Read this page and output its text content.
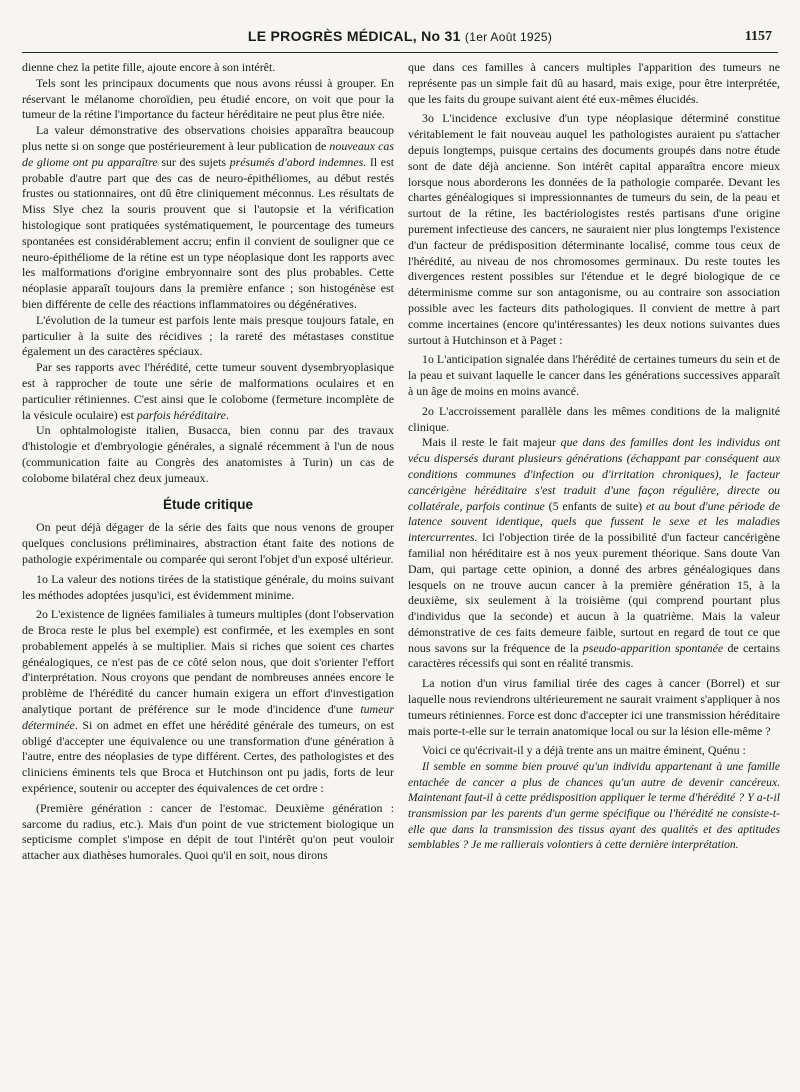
LE PROGRÈS MÉDICAL, No 31 (1er Août 1925)	1157

dienne chez la petite fille, ajoute encore à son intérêt.

Tels sont les principaux documents que nous avons réussi à grouper. En réservant le mélanome choroïdien, peu étudié encore, on voit que pour la tumeur de la rétine l'importance du facteur héréditaire ne peut plus être niée.

La valeur démonstrative des observations choisies apparaîtra beaucoup plus nette si on songe que postérieurement à leur publication de nouveaux cas de gliome ont pu apparaître sur des sujets présumés d'abord indemnes. Il est probable d'autre part que des cas de neuro-épithéliomes, au début restés frustes ou stationnaires, ont dû être cliniquement méconnus. Les résultats de Miss Slye chez la souris prouvent que si l'autopsie et la vérification histologique sont pratiquées systématiquement, le pourcentage des tumeurs spontanées est considérablement accru; enfin il convient de souligner que ce neuro-épithéliome de la rétine est un type néoplasique dont les rapports avec les malformations d'origine embryonnaire sont des plus probables. Cette néoplasie apparaît toujours dans la première enfance ; son histogénèse est bien différente de celle des réactions inflammatoires ou dégénératives.

L'évolution de la tumeur est parfois lente mais presque toujours fatale, en particulier à la suite des récidives ; la rareté des métastases constitue également un des caractères spéciaux.

Par ses rapports avec l'hérédité, cette tumeur souvent dysembryoplasique est à rapprocher de toute une série de malformations oculaires et en particulier rétiniennes. C'est ainsi que le colobome (fermeture incomplète de la vésicule oculaire) est parfois héréditaire.

Un ophtalmologiste italien, Busacca, bien connu par des travaux d'histologie et d'embryologie générales, a signalé récemment à l'un de nous (communication faite au Congrès des anatomistes à Turin) un cas de colobome bilatéral chez deux jumeaux.

Étude critique

On peut déjà dégager de la série des faits que nous venons de grouper quelques conclusions préliminaires, abstraction étant faite des notions de pathologie expérimentale ou comparée qui seront l'objet d'un exposé ultérieur.

1o La valeur des notions tirées de la statistique générale, du moins suivant les méthodes adoptées jusqu'ici, est évidemment minime.

2o L'existence de lignées familiales à tumeurs multiples (dont l'observation de Broca reste le plus bel exemple) est confirmée, et les exemples en sont probablement appelés à se multiplier. Mais si riches que soient ces chartes généalogiques, ce n'est pas de ce côté selon nous, que doit s'orienter l'effort d'interprétation. Nous croyons que pendant de nombreuses années encore le problème de l'hérédité du cancer humain exigera un effort d'investigation analytique portant de préférence sur le mode d'incidence d'une tumeur déterminée. Si on admet en effet une hérédité générale des tumeurs, on est obligé d'accepter une équivalence ou une transformation d'une génération à l'autre, entre des néoplasies de type différent. Certes, des pathologistes et des cliniciens éminents tels que Broca et Hutchinson ont pu jadis, forts de leur expérience, soutenir ou accepter des équivalences de cet ordre :

(Première génération : cancer de l'estomac. Deuxième génération : sarcome du radius, etc.). Mais d'un point de vue strictement biologique un septicisme complet s'impose en dépit de tout l'intérêt qu'on peut vouloir attacher aux diathèses humorales. Quoi qu'il en soit, nous dirons

que dans ces familles à cancers multiples l'apparition des tumeurs ne représente pas un simple fait dû au hasard, mais exige, pour être interprétée, que les faits du groupe suivant aient été eux-mêmes élucidés.

3o L'incidence exclusive d'un type néoplasique déterminé constitue véritablement le fait nouveau auquel les pathologistes auraient pu s'attacher depuis longtemps, puisque certains des documents groupés dans notre étude sont de date déjà ancienne. Son intérêt capital apparaîtra encore mieux lorsque nous aborderons les données de la pathologie comparée. Devant les chartes généalogiques si impressionnantes de tumeurs du sein, de la peau et surtout de la rétine, les bactériologistes restés partisans d'une origine purement infectieuse des cancers, ne sauraient nier plus longtemps l'existence d'un facteur de prédisposition déterminante localisé, comme tous ceux de l'hérédité, au niveau de nos chromosomes germinaux. Du reste toutes les divergences restent possibles sur l'étendue et le degré biologique de ce déterminisme comme sur son antagonisme, ou au contraire son association possible avec les facteurs dits pathologiques. Il convient de mettre à part comme incertaines (encore qu'intéressantes) les deux notions suivantes dues surtout à Hutchinson et à Paget :

1o L'anticipation signalée dans l'hérédité de certaines tumeurs du sein et de la peau et suivant laquelle le cancer dans les générations successives apparaît à un âge de moins en moins avancé.

2o L'accroissement parallèle dans les mêmes conditions de la malignité clinique.

Mais il reste le fait majeur que dans des familles dont les individus ont vécu dispersés durant plusieurs générations (échappant par conséquent aux conditions communes d'infection ou d'irritation chroniques), le facteur cancérigène héréditaire s'est traduit d'une façon régulière, directe ou collatérale, parfois continue (5 enfants de suite) et au bout d'une période de latence souvent identique, quels que fussent le sexe et les maladies intercurrentes. Ici l'objection tirée de la possibilité d'un facteur cancérigène familial non héréditaire est à nos yeux purement théorique. Sans doute Van Dam, qui partage cette opinion, a donné des arbres généalogiques dans lesquels on ne trouve aucun cancer à la première génération 15, à la deuxième, six seulement à la troisième (qui comprend pourtant plus d'individus que la seconde) et aucun à la quatrième. Mais la valeur démonstrative de ces faits demeure faible, surtout en regard de tout ce que nous savons sur la fréquence de la pseudo-apparition spontanée de certains caractères récessifs qui sont en réalité transmis.

La notion d'un virus familial tirée des cages à cancer (Borrel) et sur laquelle nous reviendrons ultérieurement ne saurait vraiment s'appliquer à nos tumeurs rétiniennes. Force est donc d'accepter ici une transmission héréditaire mais porte-t-elle sur le terrain anatomique local ou sur la lésion elle-même ?

Voici ce qu'écrivait-il y a déjà trente ans un maitre éminent, Quénu :

Il semble en somme bien prouvé qu'un individu appartenant à une famille entachée de cancer a plus de chances qu'un autre de devenir cancéreux. Maintenant faut-il à cette prédisposition appliquer le terme d'hérédité ? Y a-t-il transmission par les parents d'un germe spécifique ou l'hérédité ne consiste-t-elle que dans la transmission des tissus ayant des qualités et des aptitudes semblables ? Je me rallierais volontiers à cette dernière interprétation.
